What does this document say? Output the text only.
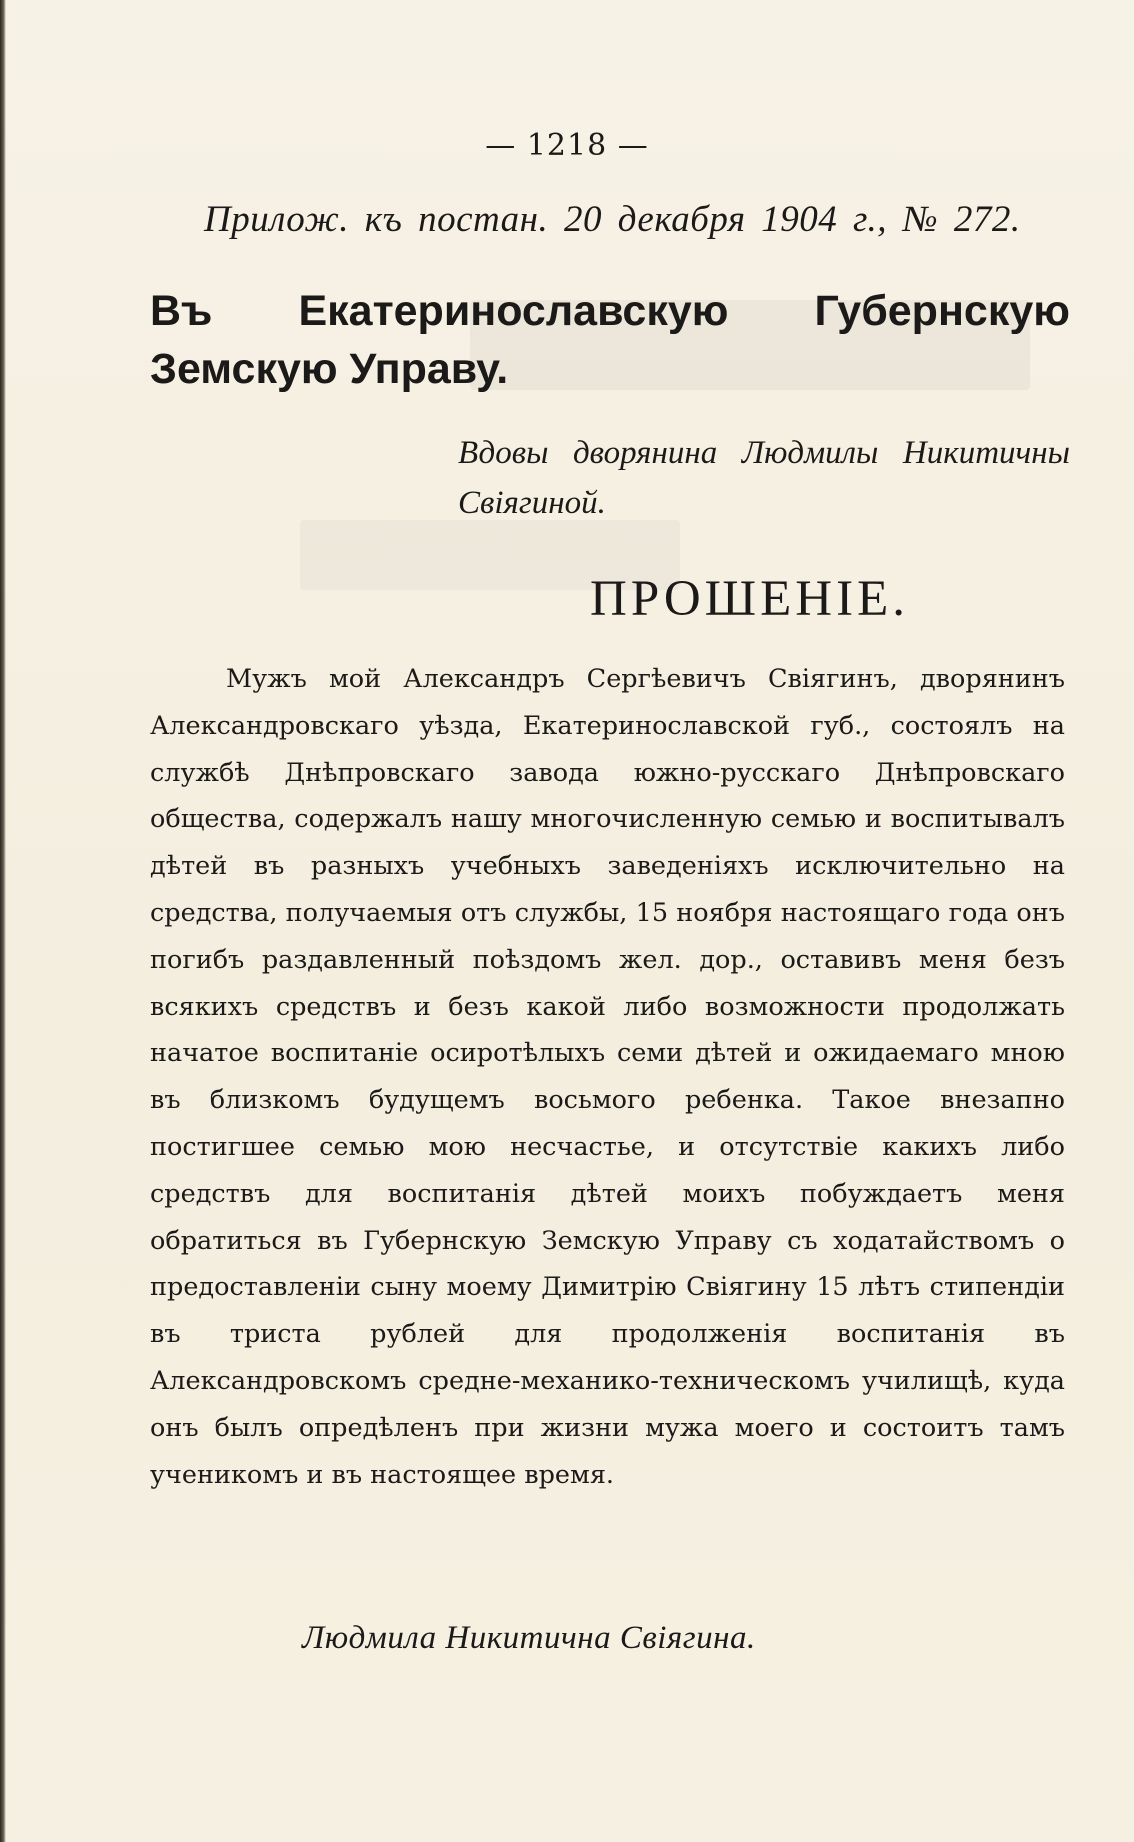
— 1218 —
Прилож. къ постан. 20 декабря 1904 г., № 272.
Въ Екатеринославскую Губернскую Земскую Управу.
Вдовы дворянина Людмилы Никитичны Свiягиной.
ПРОШЕНIЕ.
Мужъ мой Александръ Сергѣевичъ Свiягинъ, дворянинъ Александровскаго уѣзда, Екатеринославской губ., состоялъ на службѣ Днѣпровскаго завода южно-русскаго Днѣпровскаго общества, содержалъ нашу многочисленную семью и воспитывалъ дѣтей въ разныхъ учебныхъ заведенiяхъ исключительно на средства, получаемыя отъ службы, 15 ноября настоящаго года онъ погибъ раздавленный поѣздомъ жел. дор., оставивъ меня безъ всякихъ средствъ и безъ какой либо возможности продолжать начатое воспитанiе осиротѣлыхъ семи дѣтей и ожидаемаго мною въ близкомъ будущемъ восьмого ребенка. Такое внезапно постигшее семью мою несчастье, и отсутствiе какихъ либо средствъ для воспитанiя дѣтей моихъ побуждаетъ меня обратиться въ Губернскую Земскую Управу съ ходатайствомъ о предоставленiи сыну моему Димитрiю Свiягину 15 лѣтъ стипендiи въ триста рублей для продолженiя воспитанiя въ Александровскомъ средне-механико-техническомъ училищѣ, куда онъ былъ опредѣленъ при жизни мужа моего и состоитъ тамъ ученикомъ и въ настоящее время.
Людмила Никитична Свiягина.
